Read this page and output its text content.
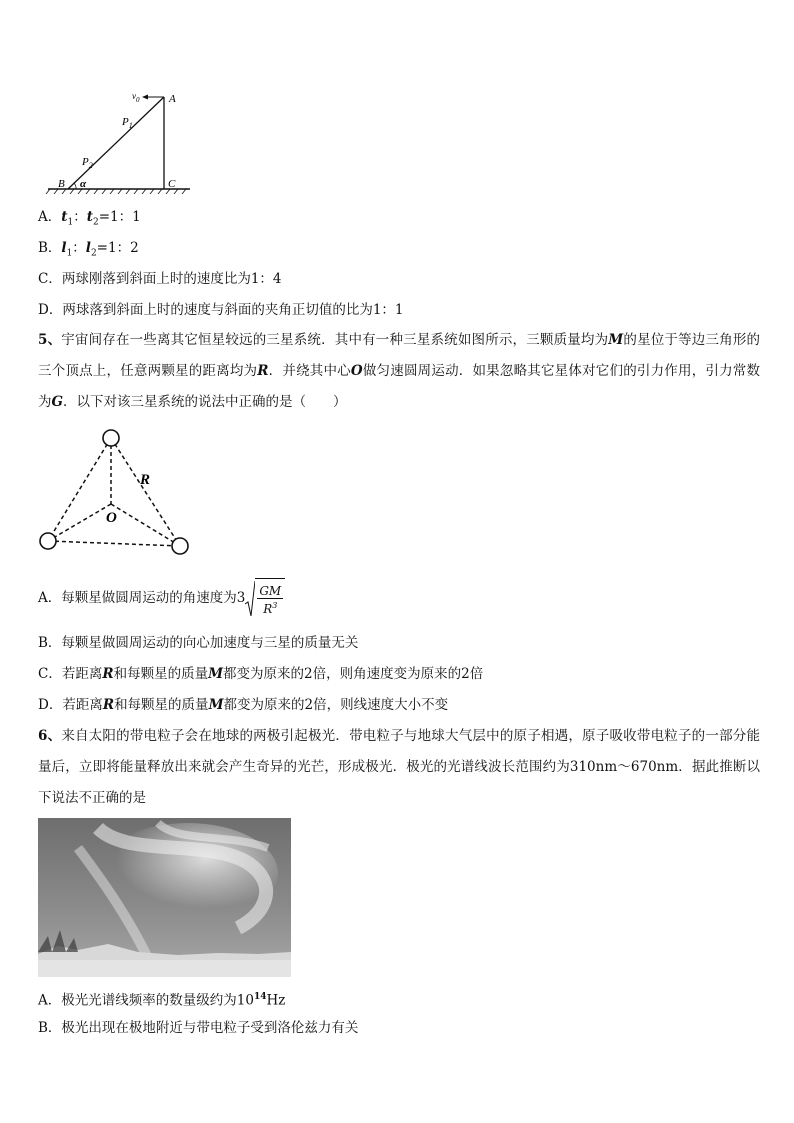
$v_0$	A
$P_1$
$P_2$
B α	C
A．$t_1$：$t_2=1$：1
B．$l_1$：$l_2=1$：2
C．两球刚落到斜面上时的速度比为1：4
D．两球落到斜面上时的速度与斜面的夹角正切值的比为1：1
5、宇宙间存在一些离其它恒星较远的三星系统．其中有一种三星系统如图所示，三颗质量均为M的星位于等边三角形的三个顶点上，任意两颗星的距离均为R．并绕其中心O做匀速圆周运动．如果忽略其它星体对它们的引力作用，引力常数为G．以下对该三星系统的说法中正确的是（　　）
R
O
A．每颗星做圆周运动的角速度为$3 \frac{GM}{R^3}$
B．每颗星做圆周运动的向心加速度与三星的质量无关
C．若距离R和每颗星的质量M都变为原来的2倍，则角速度变为原来的2倍
D．若距离R和每颗星的质量M都变为原来的2倍，则线速度大小不变
6、来自太阳的带电粒子会在地球的两极引起极光．带电粒子与地球大气层中的原子相遇，原子吸收带电粒子的一部分能量后，立即将能量释放出来就会产生奇异的光芒，形成极光．极光的光谱线波长范围约为310nm～670nm．据此推断以下说法不正确的是
A．极光光谱线频率的数量级约为$10^{14}Hz$
B．极光出现在极地附近与带电粒子受到洛伦兹力有关
